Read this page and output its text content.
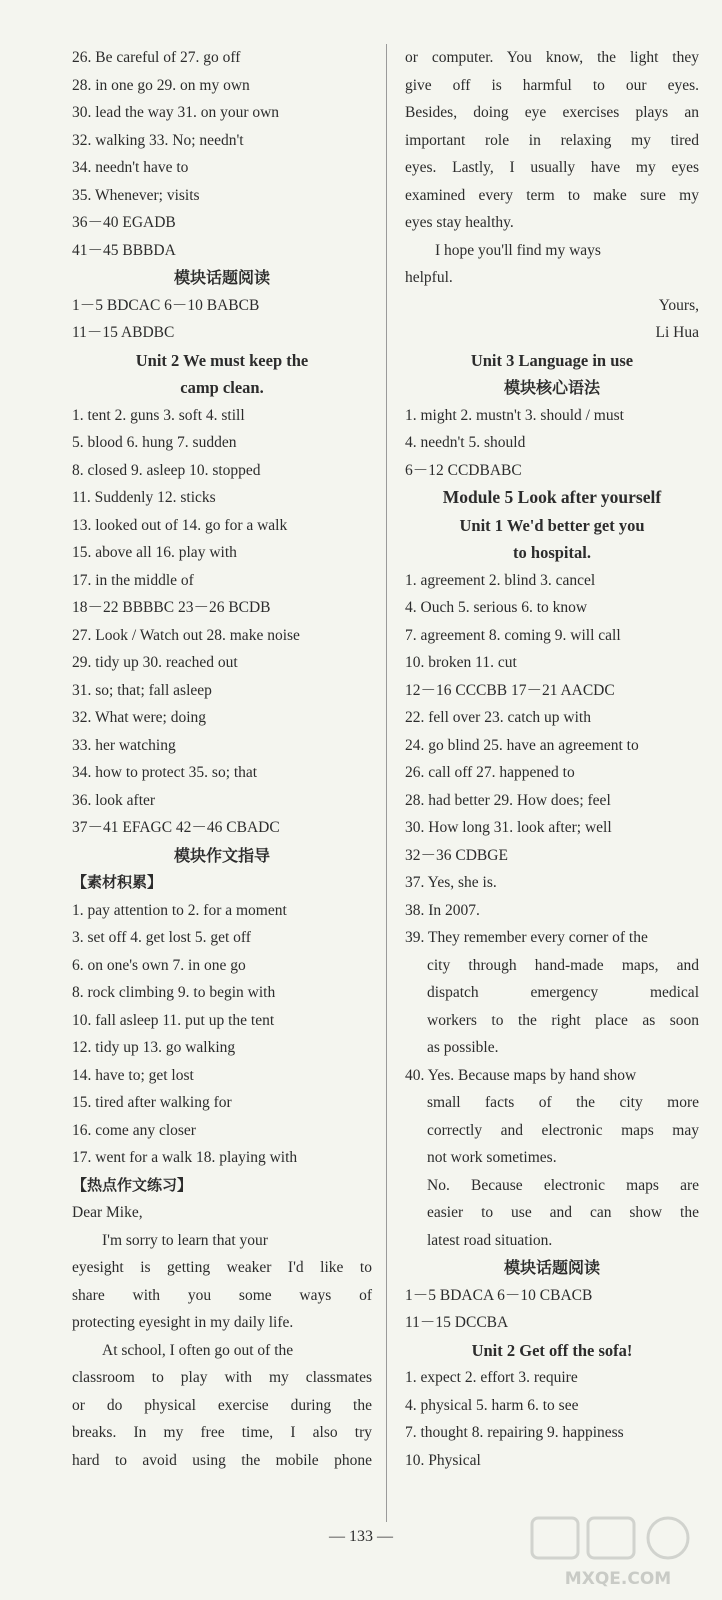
26. Be careful of 27. go off
28. in one go 29. on my own
30. lead the way 31. on your own
32. walking 33. No; needn't
34. needn't have to
35. Whenever; visits
36－40 EGADB
41－45 BBBDA
模块话题阅读
1－5 BDCAC 6－10 BABCB
11－15 ABDBC
Unit 2 We must keep the
camp clean.
1. tent 2. guns 3. soft 4. still
5. blood 6. hung 7. sudden
8. closed 9. asleep 10. stopped
11. Suddenly 12. sticks
13. looked out of 14. go for a walk
15. above all 16. play with
17. in the middle of
18－22 BBBBC 23－26 BCDB
27. Look / Watch out 28. make noise
29. tidy up 30. reached out
31. so; that; fall asleep
32. What were; doing
33. her watching
34. how to protect 35. so; that
36. look after
37－41 EFAGC 42－46 CBADC
模块作文指导
【素材积累】
1. pay attention to 2. for a moment
3. set off 4. get lost 5. get off
6. on one's own 7. in one go
8. rock climbing 9. to begin with
10. fall asleep 11. put up the tent
12. tidy up 13. go walking
14. have to; get lost
15. tired after walking for
16. come any closer
17. went for a walk 18. playing with
【热点作文练习】
Dear Mike,
I'm sorry to learn that your
eyesight is getting weaker I'd like to
share with you some ways of
protecting eyesight in my daily life.
At school, I often go out of the
classroom to play with my classmates
or do physical exercise during the
breaks. In my free time, I also try
hard to avoid using the mobile phone
or computer. You know, the light they
give off is harmful to our eyes.
Besides, doing eye exercises plays an
important role in relaxing my tired
eyes. Lastly, I usually have my eyes
examined every term to make sure my
eyes stay healthy.
I hope you'll find my ways
helpful.
Yours,
Li Hua
Unit 3 Language in use
模块核心语法
1. might 2. mustn't 3. should / must
4. needn't 5. should
6－12 CCDBABC
Module 5 Look after yourself
Unit 1 We'd better get you
to hospital.
1. agreement 2. blind 3. cancel
4. Ouch 5. serious 6. to know
7. agreement 8. coming 9. will call
10. broken 11. cut
12－16 CCCBB 17－21 AACDC
22. fell over 23. catch up with
24. go blind 25. have an agreement to
26. call off 27. happened to
28. had better 29. How does; feel
30. How long 31. look after; well
32－36 CDBGE
37. Yes, she is.
38. In 2007.
39. They remember every corner of the
city through hand-made maps, and
dispatch emergency medical
workers to the right place as soon
as possible.
40. Yes. Because maps by hand show
small facts of the city more
correctly and electronic maps may
not work sometimes.
No. Because electronic maps are
easier to use and can show the
latest road situation.
模块话题阅读
1－5 BDACA 6－10 CBACB
11－15 DCCBA
Unit 2 Get off the sofa!
1. expect 2. effort 3. require
4. physical 5. harm 6. to see
7. thought 8. repairing 9. happiness
10. Physical
— 133 —
MXQE.COM
